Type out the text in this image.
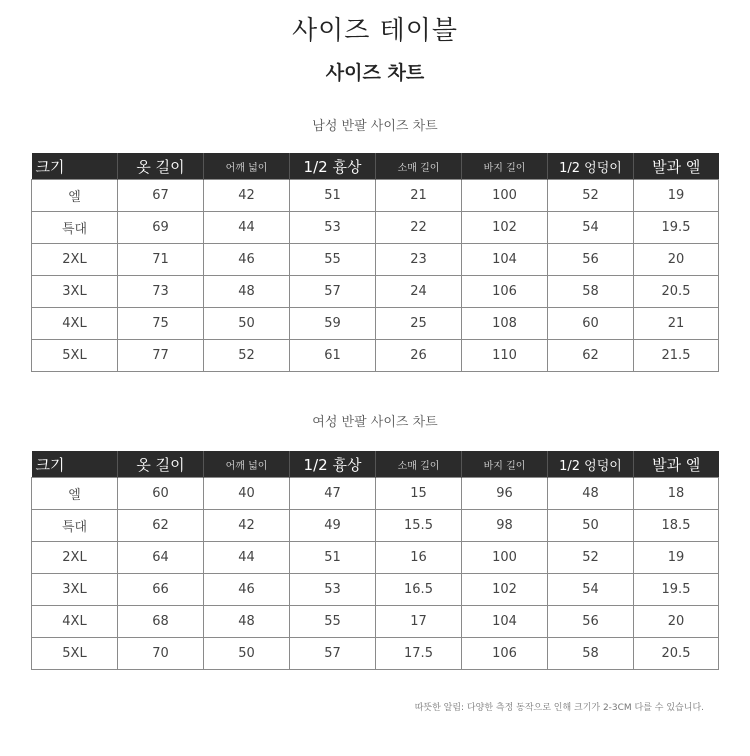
사이즈 테이블
사이즈 차트
남성 반팔 사이즈 차트
크기	옷 길이	어깨 넓이	1/2 흉상	소매 길이	바지 길이	1/2 엉덩이	발과 엘
엘	67	42	51	21	100	52	19
특대	69	44	53	22	102	54	19.5
2XL	71	46	55	23	104	56	20
3XL	73	48	57	24	106	58	20.5
4XL	75	50	59	25	108	60	21
5XL	77	52	61	26	110	62	21.5
여성 반팔 사이즈 차트
크기	옷 길이	어깨 넓이	1/2 흉상	소매 길이	바지 길이	1/2 엉덩이	발과 엘
엘	60	40	47	15	96	48	18
특대	62	42	49	15.5	98	50	18.5
2XL	64	44	51	16	100	52	19
3XL	66	46	53	16.5	102	54	19.5
4XL	68	48	55	17	104	56	20
5XL	70	50	57	17.5	106	58	20.5
따뜻한 알림: 다양한 측정 동작으로 인해 크기가 2-3CM 다를 수 있습니다.
